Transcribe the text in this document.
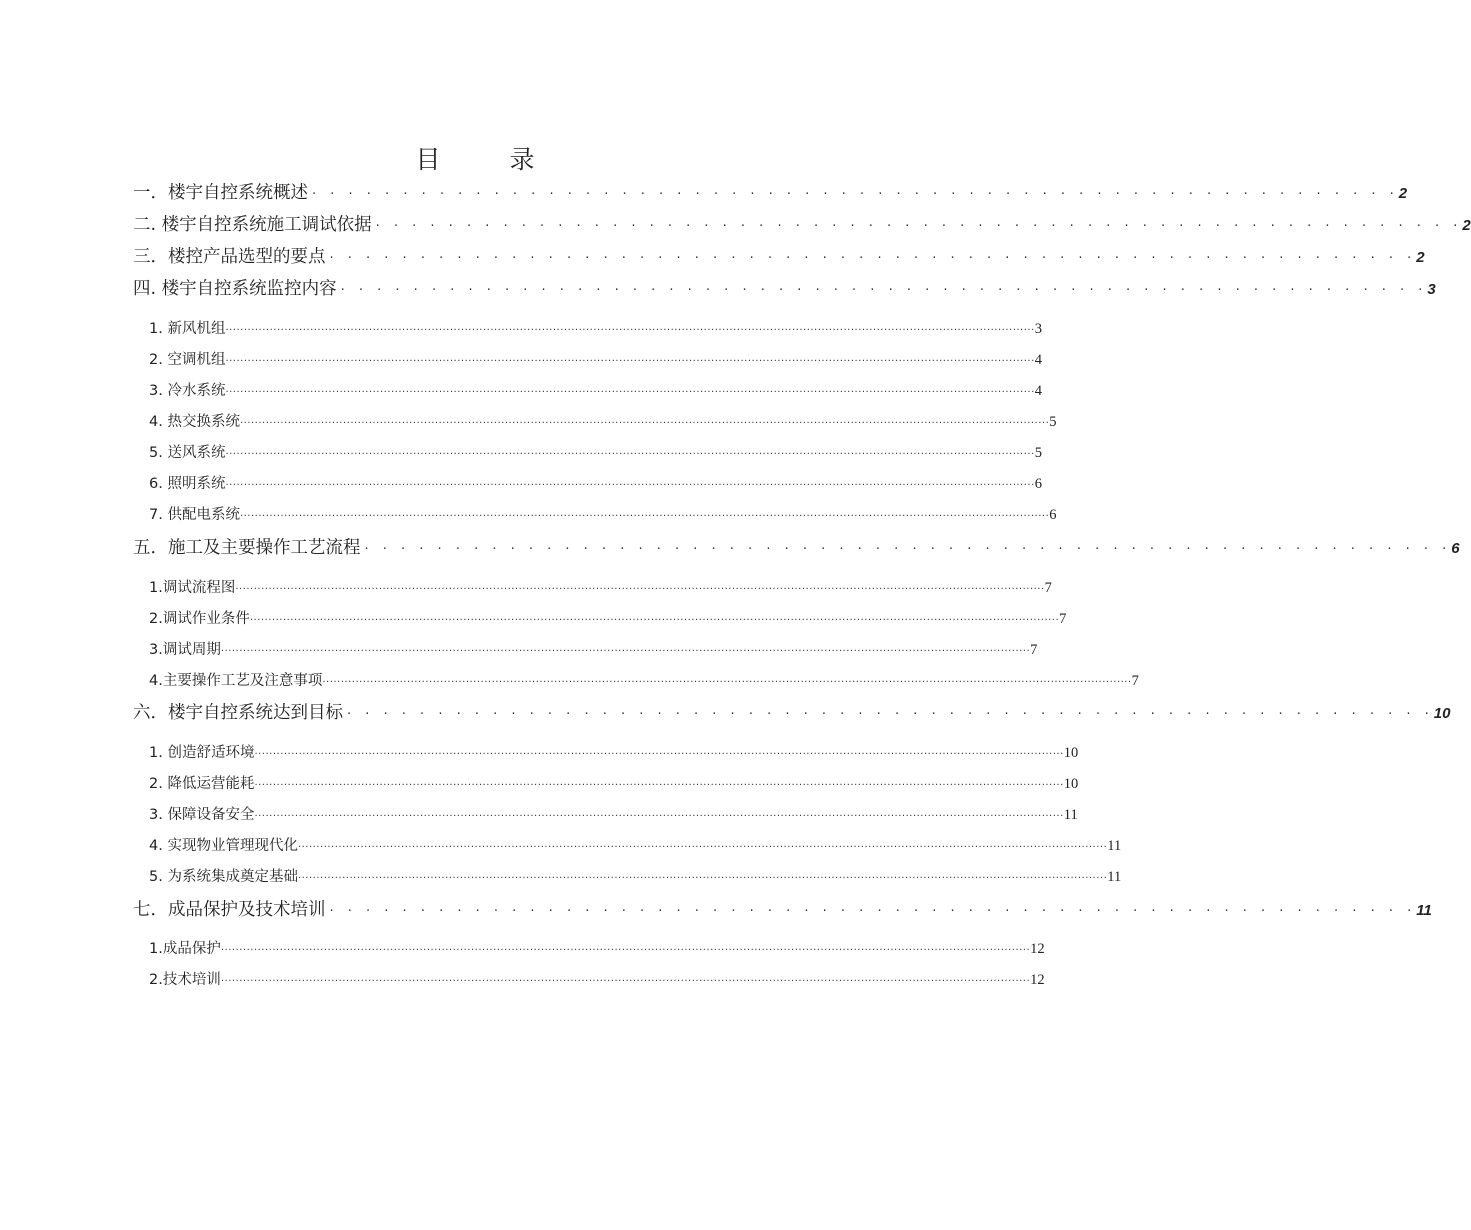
目　录
一．楼宇自控系统概述 · · · · · · · · · · · · · · · · · · · · · · · · · · · · · · · · · · · · · · · · · · · · · · · · · · · · · · · · · · · · 2
二. 楼宇自控系统施工调试依据 · · · · · · · · · · · · · · · · · · · · · · · · · · · · · · · · · · · · · · · · · · · · · · · · · · · · · · · · · · · · 2
三．楼控产品选型的要点 · · · · · · · · · · · · · · · · · · · · · · · · · · · · · · · · · · · · · · · · · · · · · · · · · · · · · · · · · · · · 2
四. 楼宇自控系统监控内容 · · · · · · · · · · · · · · · · · · · · · · · · · · · · · · · · · · · · · · · · · · · · · · · · · · · · · · · · · · · · 3
1. 新风机组 ···························································································································································································································· 3
2. 空调机组 ···························································································································································································································· 4
3. 冷水系统 ···························································································································································································································· 4
4. 热交换系统 ···························································································································································································································· 5
5. 送风系统 ···························································································································································································································· 5
6. 照明系统 ···························································································································································································································· 6
7. 供配电系统 ···························································································································································································································· 6
五．施工及主要操作工艺流程 · · · · · · · · · · · · · · · · · · · · · · · · · · · · · · · · · · · · · · · · · · · · · · · · · · · · · · · · · · · · 6
1.调试流程图 ···························································································································································································································· 7
2.调试作业条件 ···························································································································································································································· 7
3.调试周期 ···························································································································································································································· 7
4.主要操作工艺及注意事项 ···························································································································································································································· 7
六．楼宇自控系统达到目标 · · · · · · · · · · · · · · · · · · · · · · · · · · · · · · · · · · · · · · · · · · · · · · · · · · · · · · · · · · · · 10
1. 创造舒适环境 ···························································································································································································································· 10
2. 降低运营能耗 ···························································································································································································································· 10
3. 保障设备安全 ···························································································································································································································· 11
4. 实现物业管理现代化 ···························································································································································································································· 11
5. 为系统集成奠定基础 ···························································································································································································································· 11
七．成品保护及技术培训 · · · · · · · · · · · · · · · · · · · · · · · · · · · · · · · · · · · · · · · · · · · · · · · · · · · · · · · · · · · · 11
1.成品保护 ···························································································································································································································· 12
2.技术培训 ···························································································································································································································· 12
